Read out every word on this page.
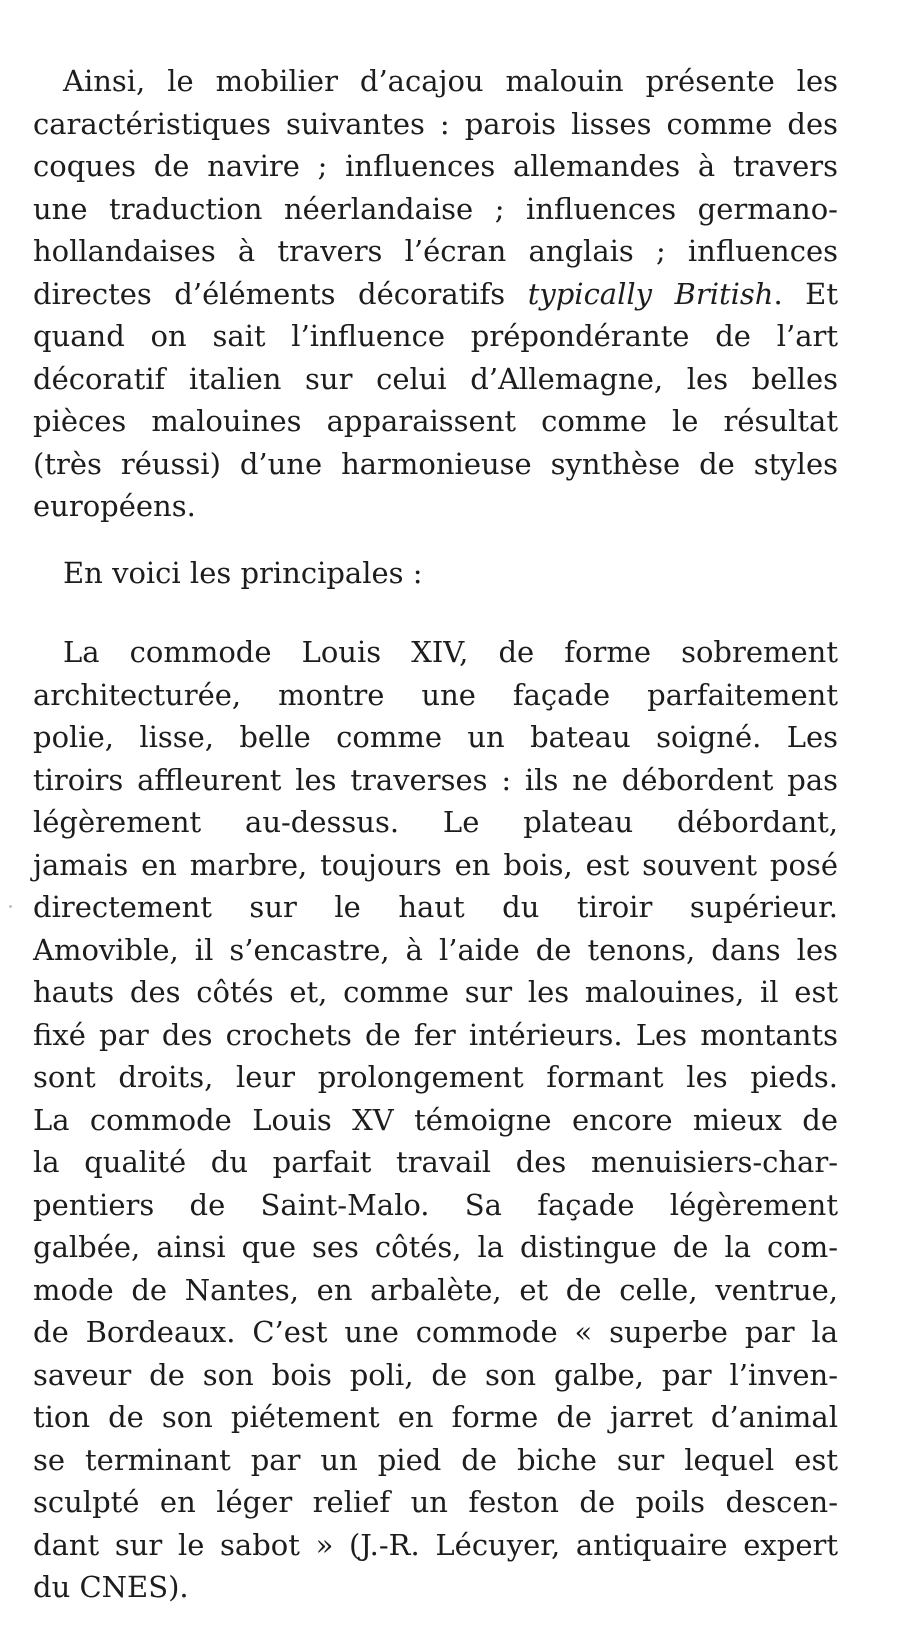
Ainsi, le mobilier d’acajou malouin présente les
caractéristiques suivantes : parois lisses comme des
coques de navire ; influences allemandes à travers
une traduction néerlandaise ; influences germano-
hollandaises à travers l’écran anglais ; influences
directes d’éléments décoratifs typically British. Et
quand on sait l’influence prépondérante de l’art
décoratif italien sur celui d’Allemagne, les belles
pièces malouines apparaissent comme le résultat
(très réussi) d’une harmonieuse synthèse de styles
européens.
En voici les principales :
La commode Louis XIV, de forme sobrement
architecturée, montre une façade parfaitement
polie, lisse, belle comme un bateau soigné. Les
tiroirs affleurent les traverses : ils ne débordent pas
légèrement au-dessus. Le plateau débordant,
jamais en marbre, toujours en bois, est souvent posé
directement sur le haut du tiroir supérieur.
Amovible, il s’encastre, à l’aide de tenons, dans les
hauts des côtés et, comme sur les malouines, il est
fixé par des crochets de fer intérieurs. Les montants
sont droits, leur prolongement formant les pieds.
La commode Louis XV témoigne encore mieux de
la qualité du parfait travail des menuisiers-char-
pentiers de Saint-Malo. Sa façade légèrement
galbée, ainsi que ses côtés, la distingue de la com-
mode de Nantes, en arbalète, et de celle, ventrue,
de Bordeaux. C’est une commode « superbe par la
saveur de son bois poli, de son galbe, par l’inven-
tion de son piétement en forme de jarret d’animal
se terminant par un pied de biche sur lequel est
sculpté en léger relief un feston de poils descen-
dant sur le sabot » (J.-R. Lécuyer, antiquaire expert
du CNES).
